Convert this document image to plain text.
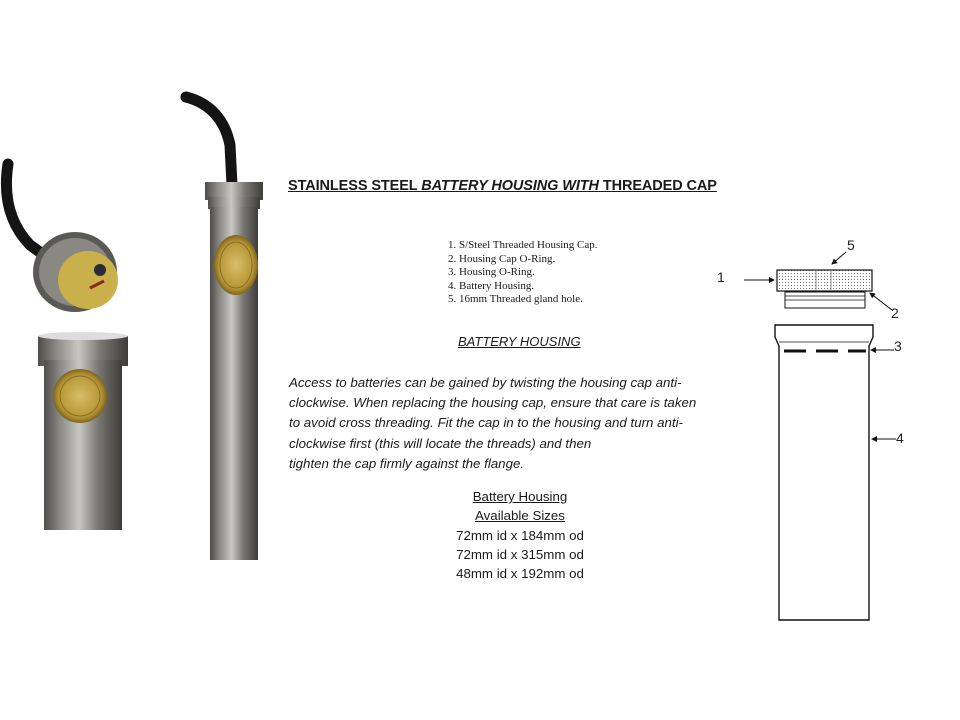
STAINLESS STEEL BATTERY HOUSING WITH THREADED CAP
1. S/Steel Threaded Housing Cap.
2. Housing Cap O-Ring.
3. Housing O-Ring.
4. Battery Housing.
5. 16mm Threaded gland hole.
BATTERY HOUSING
Access to batteries can be gained by twisting the housing cap anti-
clockwise. When replacing the housing cap, ensure that care is taken
to avoid cross threading. Fit the cap in to the housing and turn anti-
clockwise first (this will locate the threads) and then
tighten the cap firmly against the flange.
Battery Housing
Available Sizes
72mm id x 184mm od
72mm id x 315mm od
48mm id x 192mm od
1
5
2
3
4
